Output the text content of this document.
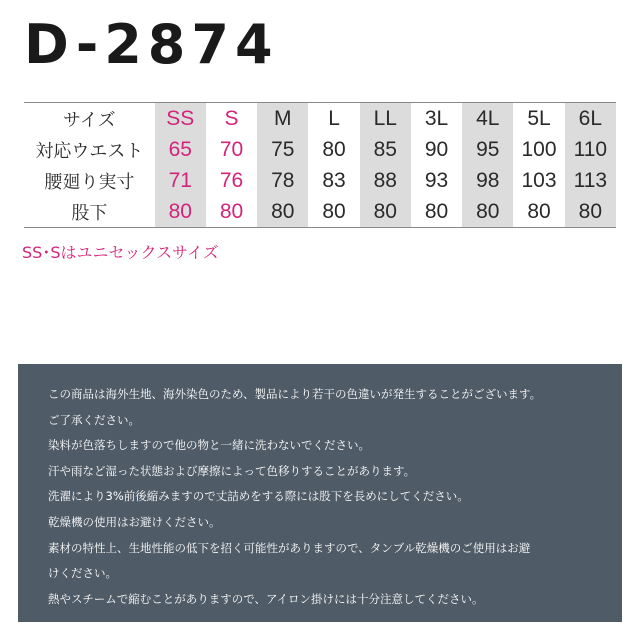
D-2874
サイズ	SS	S	M	L	LL	3L	4L	5L	6L
対応ウエスト	65	70	75	80	85	90	95	100	110
腰廻り実寸	71	76	78	83	88	93	98	103	113
股下	80	80	80	80	80	80	80	80	80
SS･Sはユニセックスサイズ
この商品は海外生地、海外染色のため、製品により若干の色違いが発生することがございます。
ご了承ください。
染料が色落ちしますので他の物と一緒に洗わないでください。
汗や雨など湿った状態および摩擦によって色移りすることがあります。
洗濯により3%前後縮みますので丈詰めをする際には股下を長めにしてください。
乾燥機の使用はお避けください。
素材の特性上、生地性能の低下を招く可能性がありますので、タンブル乾燥機のご使用はお避
けください。
熱やスチームで縮むことがありますので、アイロン掛けには十分注意してください。
